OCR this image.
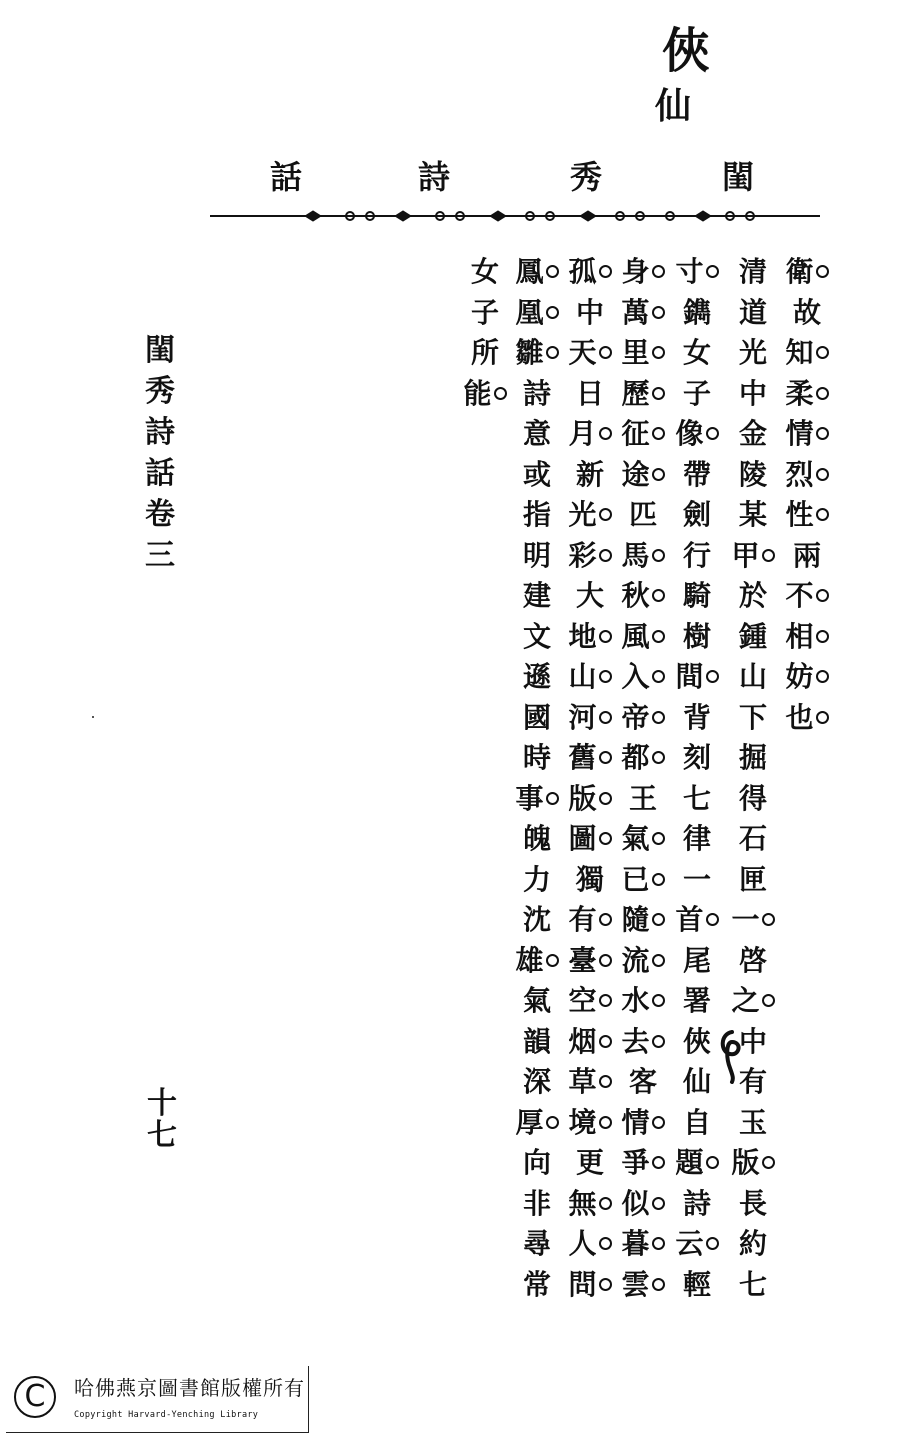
俠
仙
閨
秀
詩
話
衛
故
知
柔
情
烈
性
兩
不
相
妨
也
清
道
光
中
金
陵
某
甲
於
鍾
山
下
掘
得
石
匣
一
啓
之
中
有
玉
版
長
約
七
寸
鐫
女
子
像
帶
劍
行
騎
樹
間
背
刻
七
律
一
首
尾
署
俠
仙
自
題
詩
云
輕
身
萬
里
歷
征
途
匹
馬
秋
風
入
帝
都
王
氣
已
隨
流
水
去
客
情
爭
似
暮
雲
孤
中
天
日
月
新
光
彩
大
地
山
河
舊
版
圖
獨
有
臺
空
烟
草
境
更
無
人
問
鳳
凰
雛
詩
意
或
指
明
建
文
遜
國
時
事
魄
力
沈
雄
氣
韻
深
厚
向
非
尋
常
女
子
所
能
閨
秀
詩
話
卷
三
十
七
C	哈佛燕京圖書館版權所有
Copyright Harvard-Yenching Library
